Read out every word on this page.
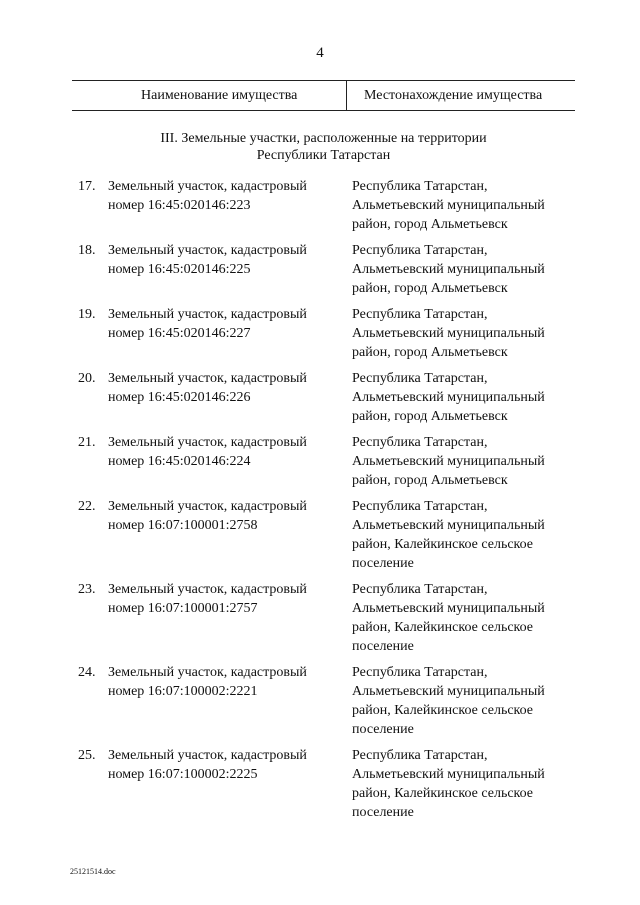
4
Наименование имущества	Местонахождение имущества
III. Земельные участки, расположенные на территории
Республики Татарстан
17. Земельный участок, кадастровый
номер 16:45:020146:223
Республика Татарстан,
Альметьевский муниципальный
район, город Альметьевск
18. Земельный участок, кадастровый
номер 16:45:020146:225
Республика Татарстан,
Альметьевский муниципальный
район, город Альметьевск
19. Земельный участок, кадастровый
номер 16:45:020146:227
Республика Татарстан,
Альметьевский муниципальный
район, город Альметьевск
20. Земельный участок, кадастровый
номер 16:45:020146:226
Республика Татарстан,
Альметьевский муниципальный
район, город Альметьевск
21. Земельный участок, кадастровый
номер 16:45:020146:224
Республика Татарстан,
Альметьевский муниципальный
район, город Альметьевск
22. Земельный участок, кадастровый
номер 16:07:100001:2758
Республика Татарстан,
Альметьевский муниципальный
район, Калейкинское сельское
поселение
23. Земельный участок, кадастровый
номер 16:07:100001:2757
Республика Татарстан,
Альметьевский муниципальный
район, Калейкинское сельское
поселение
24. Земельный участок, кадастровый
номер 16:07:100002:2221
Республика Татарстан,
Альметьевский муниципальный
район, Калейкинское сельское
поселение
25. Земельный участок, кадастровый
номер 16:07:100002:2225
Республика Татарстан,
Альметьевский муниципальный
район, Калейкинское сельское
поселение
25121514.doc
